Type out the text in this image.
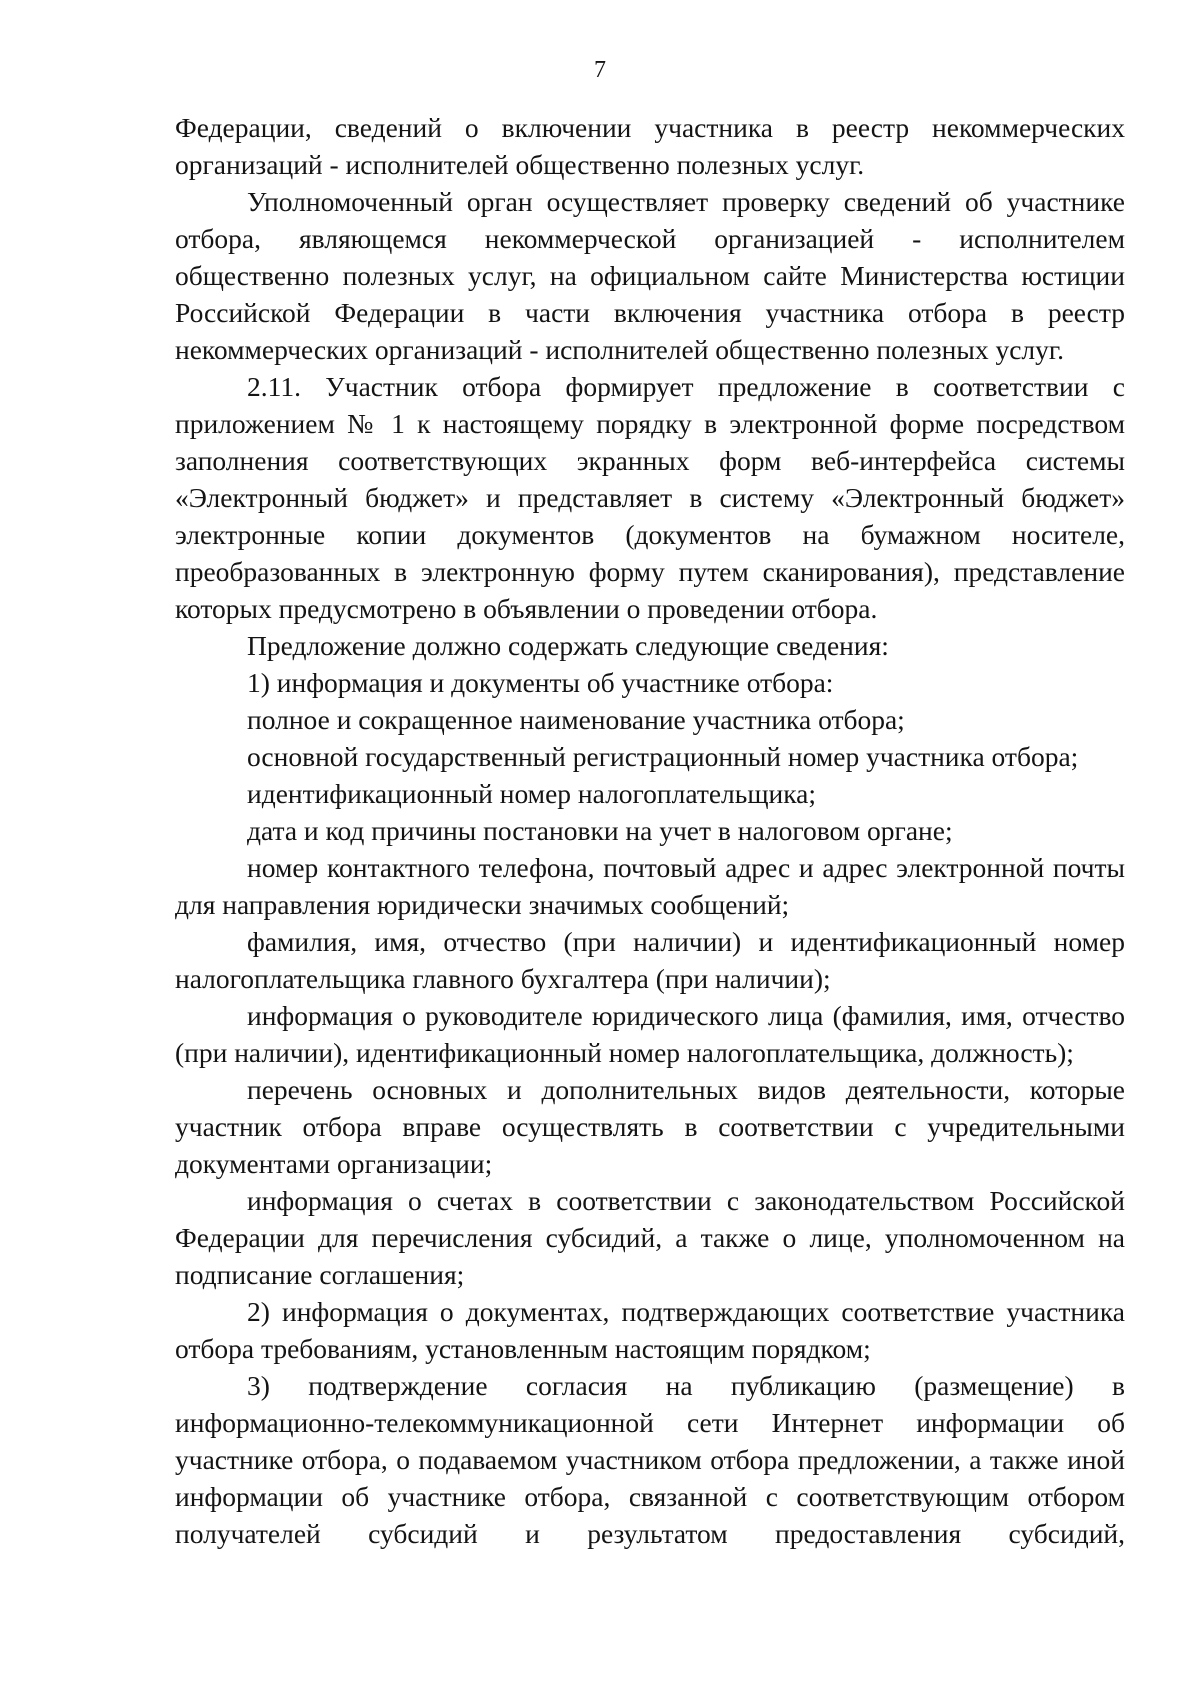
7

Федерации, сведений о включении участника в реестр некоммерческих организаций - исполнителей общественно полезных услуг.

Уполномоченный орган осуществляет проверку сведений об участнике отбора, являющемся некоммерческой организацией - исполнителем общественно полезных услуг, на официальном сайте Министерства юстиции Российской Федерации в части включения участника отбора в реестр некоммерческих организаций - исполнителей общественно полезных услуг.

2.11. Участник отбора формирует предложение в соответствии с приложением № 1 к настоящему порядку в электронной форме посредством заполнения соответствующих экранных форм веб-интерфейса системы «Электронный бюджет» и представляет в систему «Электронный бюджет» электронные копии документов (документов на бумажном носителе, преобразованных в электронную форму путем сканирования), представление которых предусмотрено в объявлении о проведении отбора.

Предложение должно содержать следующие сведения:

1) информация и документы об участнике отбора:

полное и сокращенное наименование участника отбора;

основной государственный регистрационный номер участника отбора;

идентификационный номер налогоплательщика;

дата и код причины постановки на учет в налоговом органе;

номер контактного телефона, почтовый адрес и адрес электронной почты для направления юридически значимых сообщений;

фамилия, имя, отчество (при наличии) и идентификационный номер налогоплательщика главного бухгалтера (при наличии);

информация о руководителе юридического лица (фамилия, имя, отчество (при наличии), идентификационный номер налогоплательщика, должность);

перечень основных и дополнительных видов деятельности, которые участник отбора вправе осуществлять в соответствии с учредительными документами организации;

информация о счетах в соответствии с законодательством Российской Федерации для перечисления субсидий, а также о лице, уполномоченном на подписание соглашения;

2) информация о документах, подтверждающих соответствие участника отбора требованиям, установленным настоящим порядком;

3) подтверждение согласия на публикацию (размещение) в информационно-телекоммуникационной сети Интернет информации об участнике отбора, о подаваемом участником отбора предложении, а также иной информации об участнике отбора, связанной с соответствующим отбором получателей субсидий и результатом предоставления субсидий,
